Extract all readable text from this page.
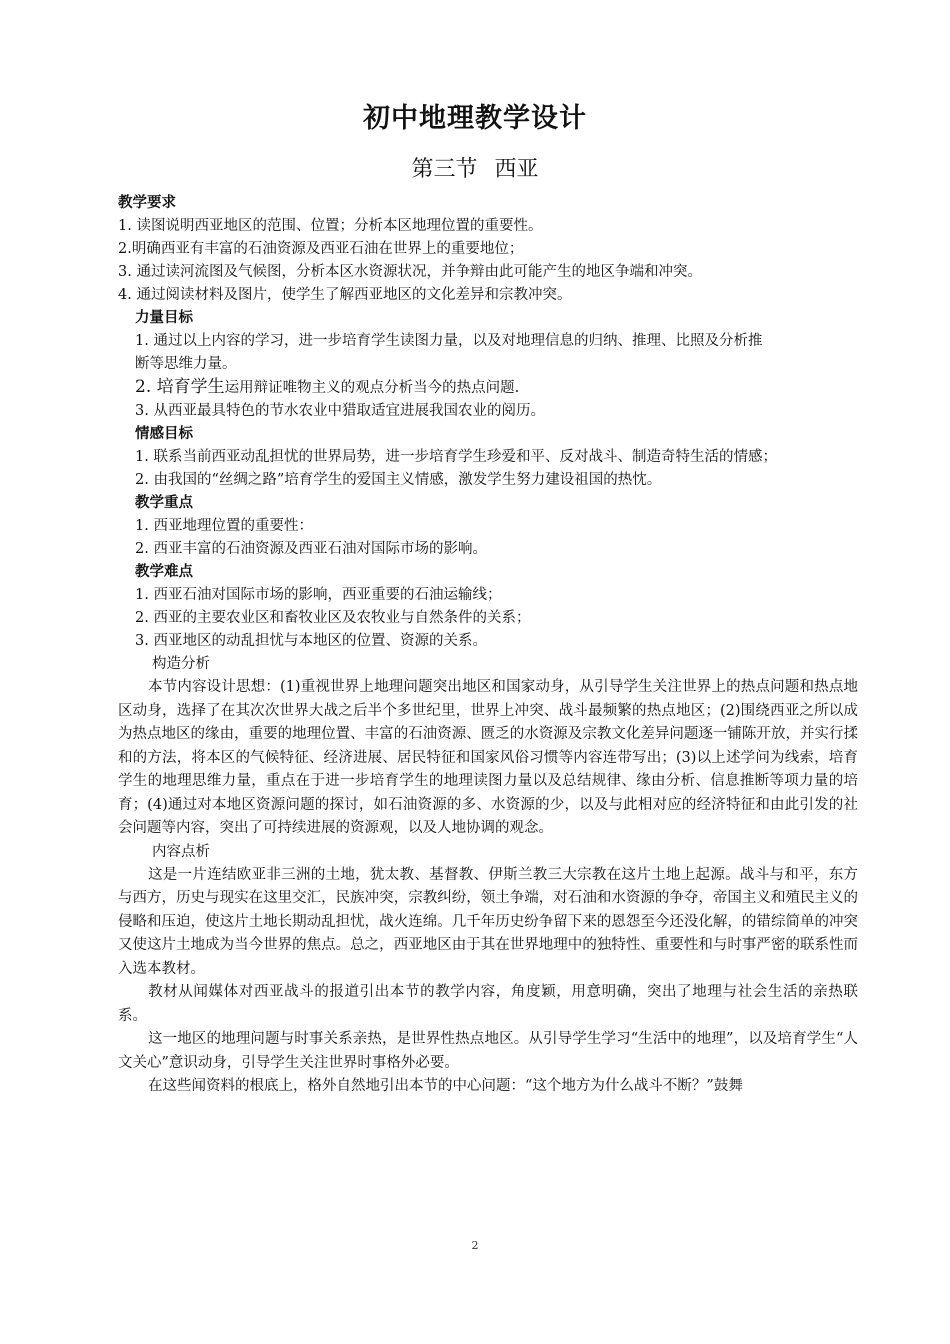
初中地理教学设计
第三节 西亚
教学要求
1. 读图说明西亚地区的范围、位置；分析本区地理位置的重要性。
2.明确西亚有丰富的石油资源及西亚石油在世界上的重要地位；
3. 通过读河流图及气候图，分析本区水资源状况，并争辩由此可能产生的地区争端和冲突。
4. 通过阅读材料及图片，使学生了解西亚地区的文化差异和宗教冲突。
力量目标
1. 通过以上内容的学习，进一步培育学生读图力量，以及对地理信息的归纳、推理、比照及分析推
断等思维力量。
2. 培育学生运用辩证唯物主义的观点分析当今的热点问题.
3. 从西亚最具特色的节水农业中猎取适宜进展我国农业的阅历。
情感目标
1. 联系当前西亚动乱担忧的世界局势，进一步培育学生珍爱和平、反对战斗、制造奇特生活的情感；
2. 由我国的“丝绸之路”培育学生的爱国主义情感，激发学生努力建设祖国的热忱。
教学重点
1. 西亚地理位置的重要性：
2. 西亚丰富的石油资源及西亚石油对国际市场的影响。
教学难点
1. 西亚石油对国际市场的影响，西亚重要的石油运输线；
2. 西亚的主要农业区和畜牧业区及农牧业与自然条件的关系；
3. 西亚地区的动乱担忧与本地区的位置、资源的关系。
构造分析

本节内容设计思想：(1)重视世界上地理问题突出地区和国家动身，从引导学生关注世界上的热点问题和热点地区动身，选择了在其次次世界大战之后半个多世纪里，世界上冲突、战斗最频繁的热点地区；(2)围绕西亚之所以成为热点地区的缘由，重要的地理位置、丰富的石油资源、匮乏的水资源及宗教文化差异问题逐一铺陈开放，并实行揉和的方法，将本区的气候特征、经济进展、居民特征和国家风俗习惯等内容连带写出；(3)以上述学问为线索，培育学生的地理思维力量，重点在于进一步培育学生的地理读图力量以及总结规律、缘由分析、信息推断等项力量的培育；(4)通过对本地区资源问题的探讨，如石油资源的多、水资源的少，以及与此相对应的经济特征和由此引发的社会问题等内容，突出了可持续进展的资源观，以及人地协调的观念。

内容点析

这是一片连结欧亚非三洲的土地，犹太教、基督教、伊斯兰教三大宗教在这片土地上起源。战斗与和平，东方与西方，历史与现实在这里交汇，民族冲突，宗教纠纷，领土争端，对石油和水资源的争夺，帝国主义和殖民主义的侵略和压迫，使这片土地长期动乱担忧，战火连绵。几千年历史纷争留下来的恩怨至今还没化解，的错综简单的冲突又使这片土地成为当今世界的焦点。总之，西亚地区由于其在世界地理中的独特性、重要性和与时事严密的联系性而入选本教材。

教材从闻媒体对西亚战斗的报道引出本节的教学内容，角度颖，用意明确，突出了地理与社会生活的亲热联系。

这一地区的地理问题与时事关系亲热，是世界性热点地区。从引导学生学习“生活中的地理”，以及培育学生“人文关心”意识动身，引导学生关注世界时事格外必要。

在这些闻资料的根底上，格外自然地引出本节的中心问题：“这个地方为什么战斗不断？”鼓舞

2
